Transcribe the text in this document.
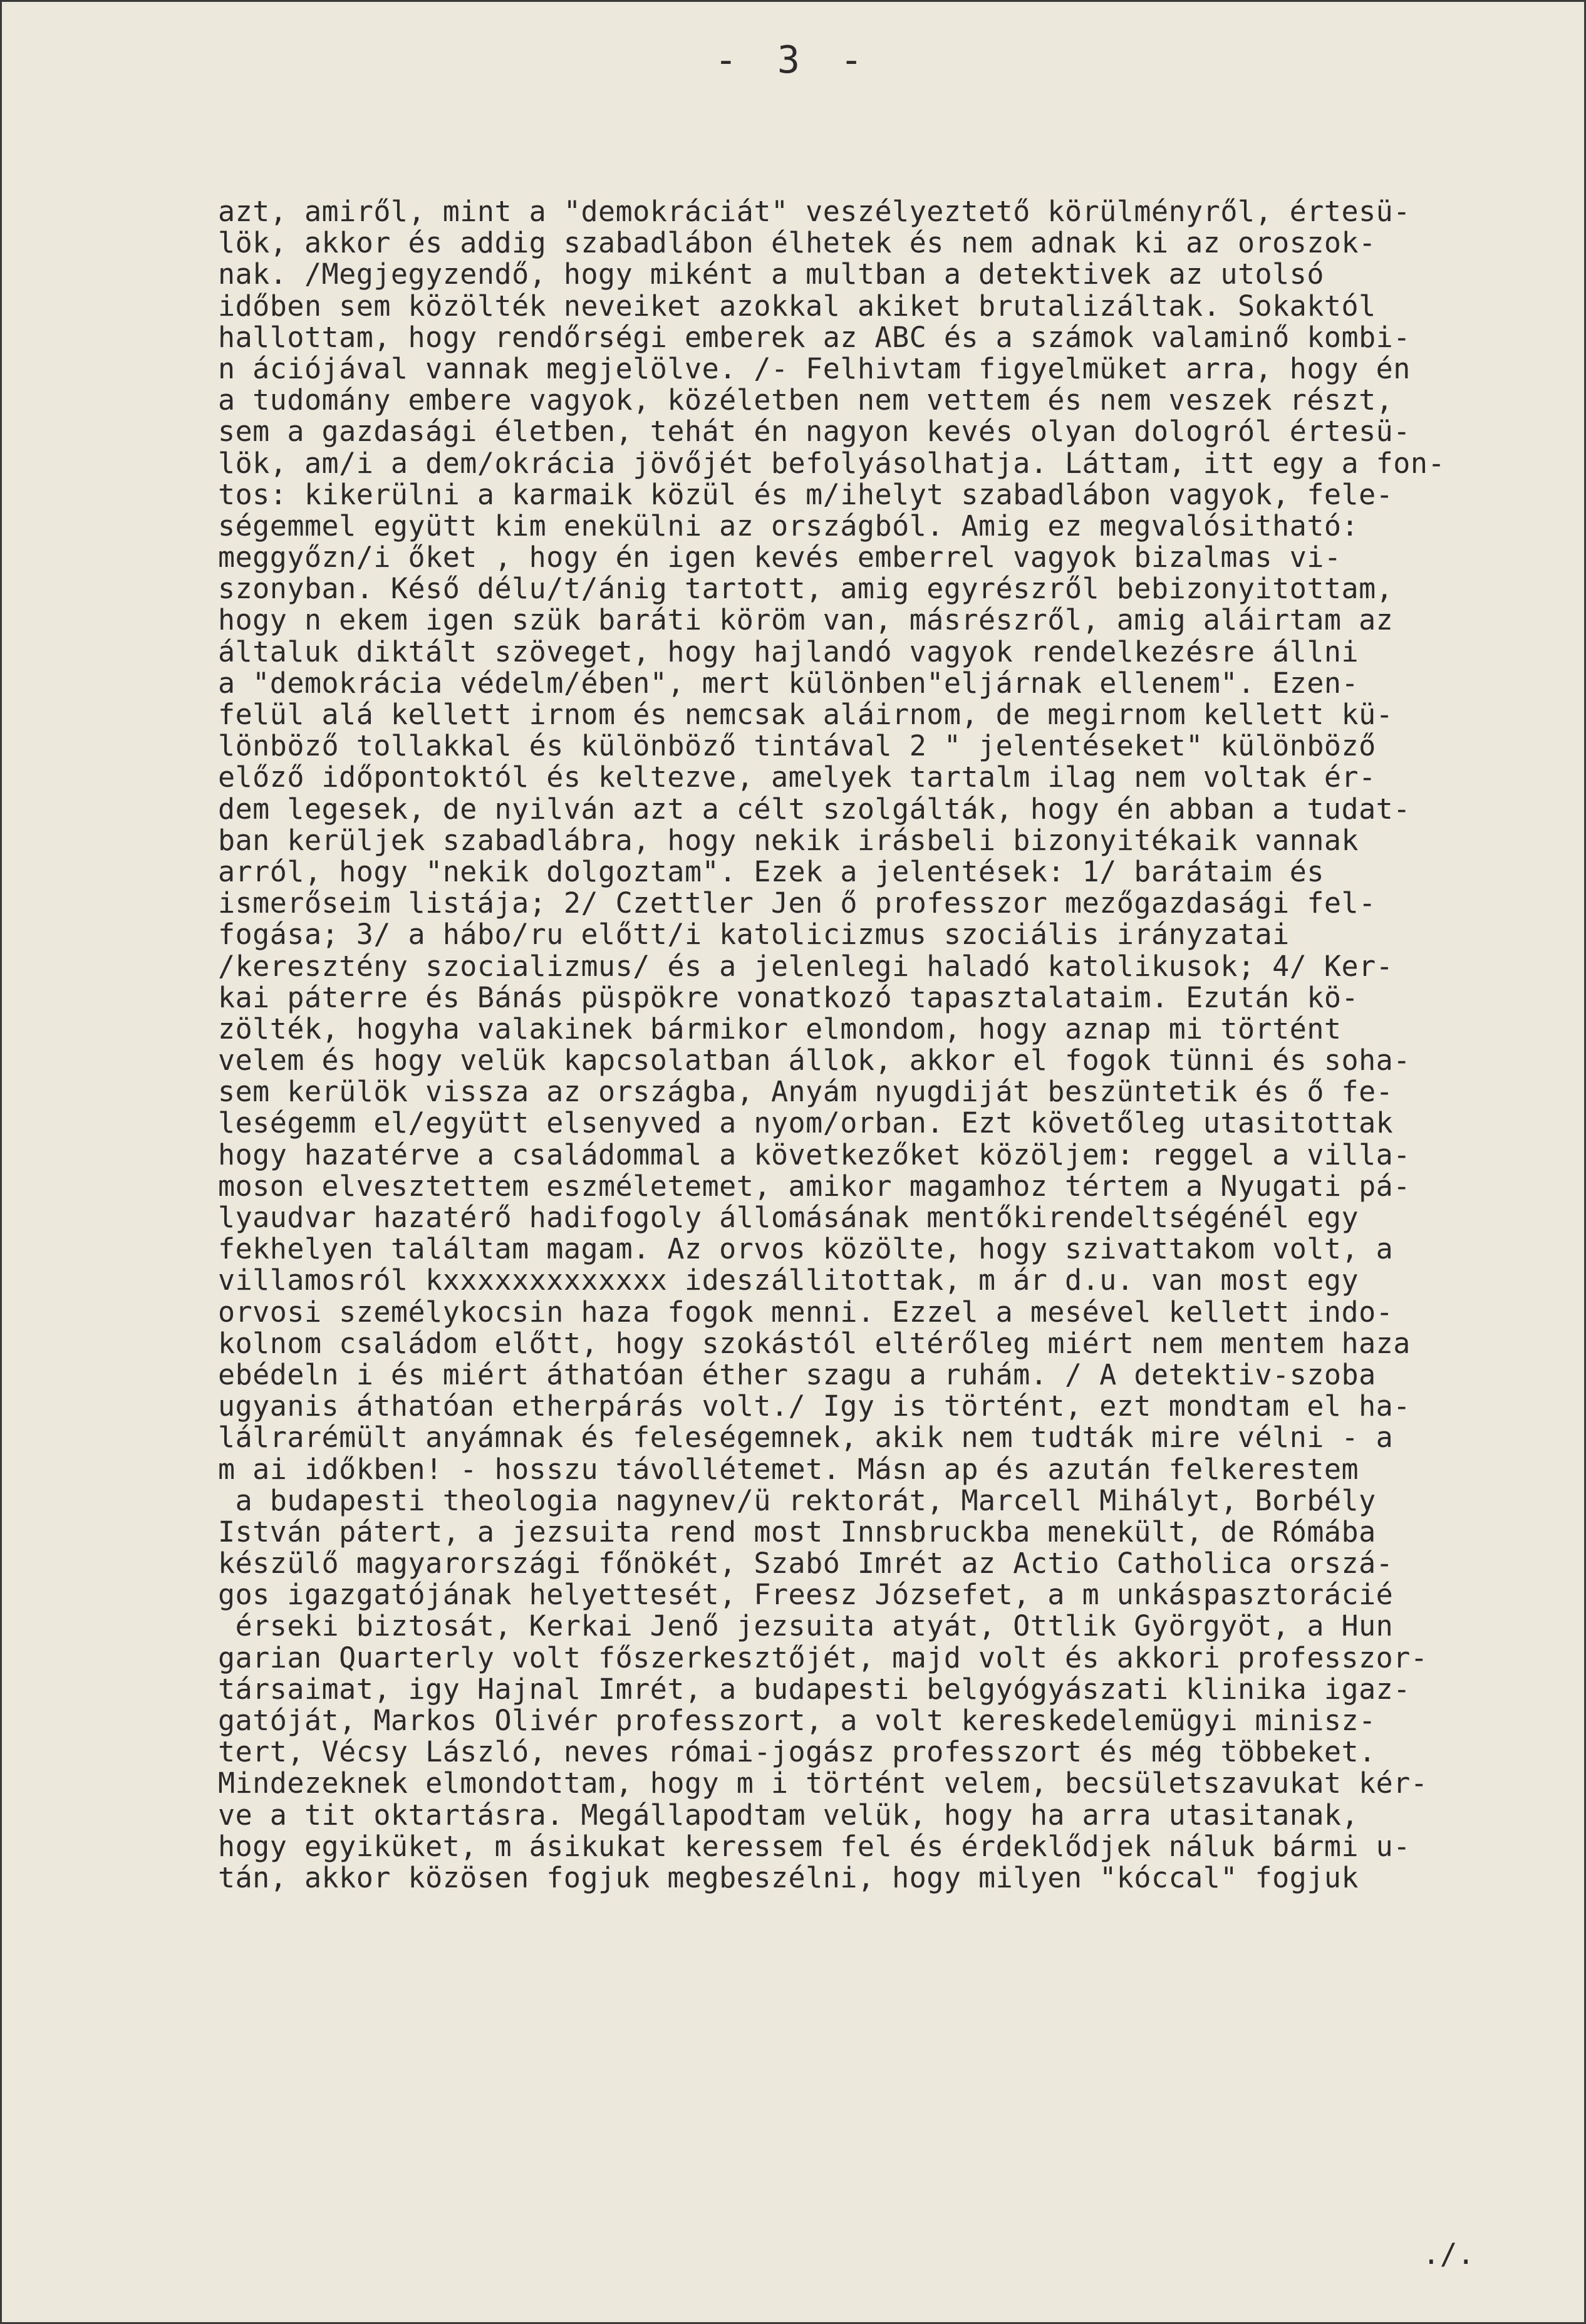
- 3 -
azt, amiről, mint a "demokráciát" veszélyeztető körülményről, értesü-
lök, akkor és addig szabadlábon élhetek és nem adnak ki az oroszok-
nak. /Megjegyzendő, hogy miként a multban a detektivek az utolsó
időben sem közölték neveiket azokkal akiket brutalizáltak. Sokaktól
hallottam, hogy rendőrségi emberek az ABC és a számok valaminő kombi-
n ációjával vannak megjelölve. /- Felhivtam figyelmüket arra, hogy én
a tudomány embere vagyok, közéletben nem vettem és nem veszek részt,
sem a gazdasági életben, tehát én nagyon kevés olyan dologról értesü-
lök, am/i a dem/okrácia jövőjét befolyásolhatja. Láttam, itt egy a fon-
tos: kikerülni a karmaik közül és m/ihelyt szabadlábon vagyok, fele-
ségemmel együtt kim enekülni az országból. Amig ez megvalósitható:
meggyőzn/i őket , hogy én igen kevés emberrel vagyok bizalmas vi-
szonyban. Késő délu/t/ánig tartott, amig egyrészről bebizonyitottam,
hogy n ekem igen szük baráti köröm van, másrészről, amig aláirtam az
általuk diktált szöveget, hogy hajlandó vagyok rendelkezésre állni
a "demokrácia védelm/ében", mert különben"eljárnak ellenem". Ezen-
felül alá kellett irnom és nemcsak aláirnom, de megirnom kellett kü-
lönböző tollakkal és különböző tintával 2 " jelentéseket" különböző
előző időpontoktól és keltezve, amelyek tartalm ilag nem voltak ér-
dem legesek, de nyilván azt a célt szolgálták, hogy én abban a tudat-
ban kerüljek szabadlábra, hogy nekik irásbeli bizonyitékaik vannak
arról, hogy "nekik dolgoztam". Ezek a jelentések: 1/ barátaim és
ismerőseim listája; 2/ Czettler Jen ő professzor mezőgazdasági fel-
fogása; 3/ a hábo/ru előtt/i katolicizmus szociális irányzatai
/keresztény szocializmus/ és a jelenlegi haladó katolikusok; 4/ Ker-
kai páterre és Bánás püspökre vonatkozó tapasztalataim. Ezután kö-
zölték, hogyha valakinek bármikor elmondom, hogy aznap mi történt
velem és hogy velük kapcsolatban állok, akkor el fogok tünni és soha-
sem kerülök vissza az országba, Anyám nyugdiját beszüntetik és ő fe-
leségemm el/együtt elsenyved a nyom/orban. Ezt követőleg utasitottak
hogy hazatérve a családommal a következőket közöljem: reggel a villa-
moson elvesztettem eszméletemet, amikor magamhoz tértem a Nyugati pá-
lyaudvar hazatérő hadifogoly állomásának mentőkirendeltségénél egy
fekhelyen találtam magam. Az orvos közölte, hogy szivattakom volt, a
villamosról kxxxxxxxxxxxxx ideszállitottak, m ár d.u. van most egy
orvosi személykocsin haza fogok menni. Ezzel a mesével kellett indo-
kolnom családom előtt, hogy szokástól eltérőleg miért nem mentem haza
ebédeln i és miért áthatóan éther szagu a ruhám. / A detektiv-szoba
ugyanis áthatóan etherpárás volt./ Igy is történt, ezt mondtam el ha-
lálrarémült anyámnak és feleségemnek, akik nem tudták mire vélni - a
m ai időkben! - hosszu távollétemet. Másn ap és azután felkerestem
a budapesti theologia nagynev/ü rektorát, Marcell Mihályt, Borbély
István pátert, a jezsuita rend most Innsbruckba menekült, de Rómába
készülő magyarországi főnökét, Szabó Imrét az Actio Catholica orszá-
gos igazgatójának helyettesét, Freesz Józsefet, a m unkáspasztorácié
érseki biztosát, Kerkai Jenő jezsuita atyát, Ottlik Györgyöt, a Hun
garian Quarterly volt főszerkesztőjét, majd volt és akkori professzor-
társaimat, igy Hajnal Imrét, a budapesti belgyógyászati klinika igaz-
gatóját, Markos Olivér professzort, a volt kereskedelemügyi minisz-
tert, Vécsy László, neves római-jogász professzort és még többeket.
Mindezeknek elmondottam, hogy m i történt velem, becsületszavukat kér-
ve a tit oktartásra. Megállapodtam velük, hogy ha arra utasitanak,
hogy egyiküket, m ásikukat keressem fel és érdeklődjek náluk bármi u-
tán, akkor közösen fogjuk megbeszélni, hogy milyen "kóccal" fogjuk
./.
